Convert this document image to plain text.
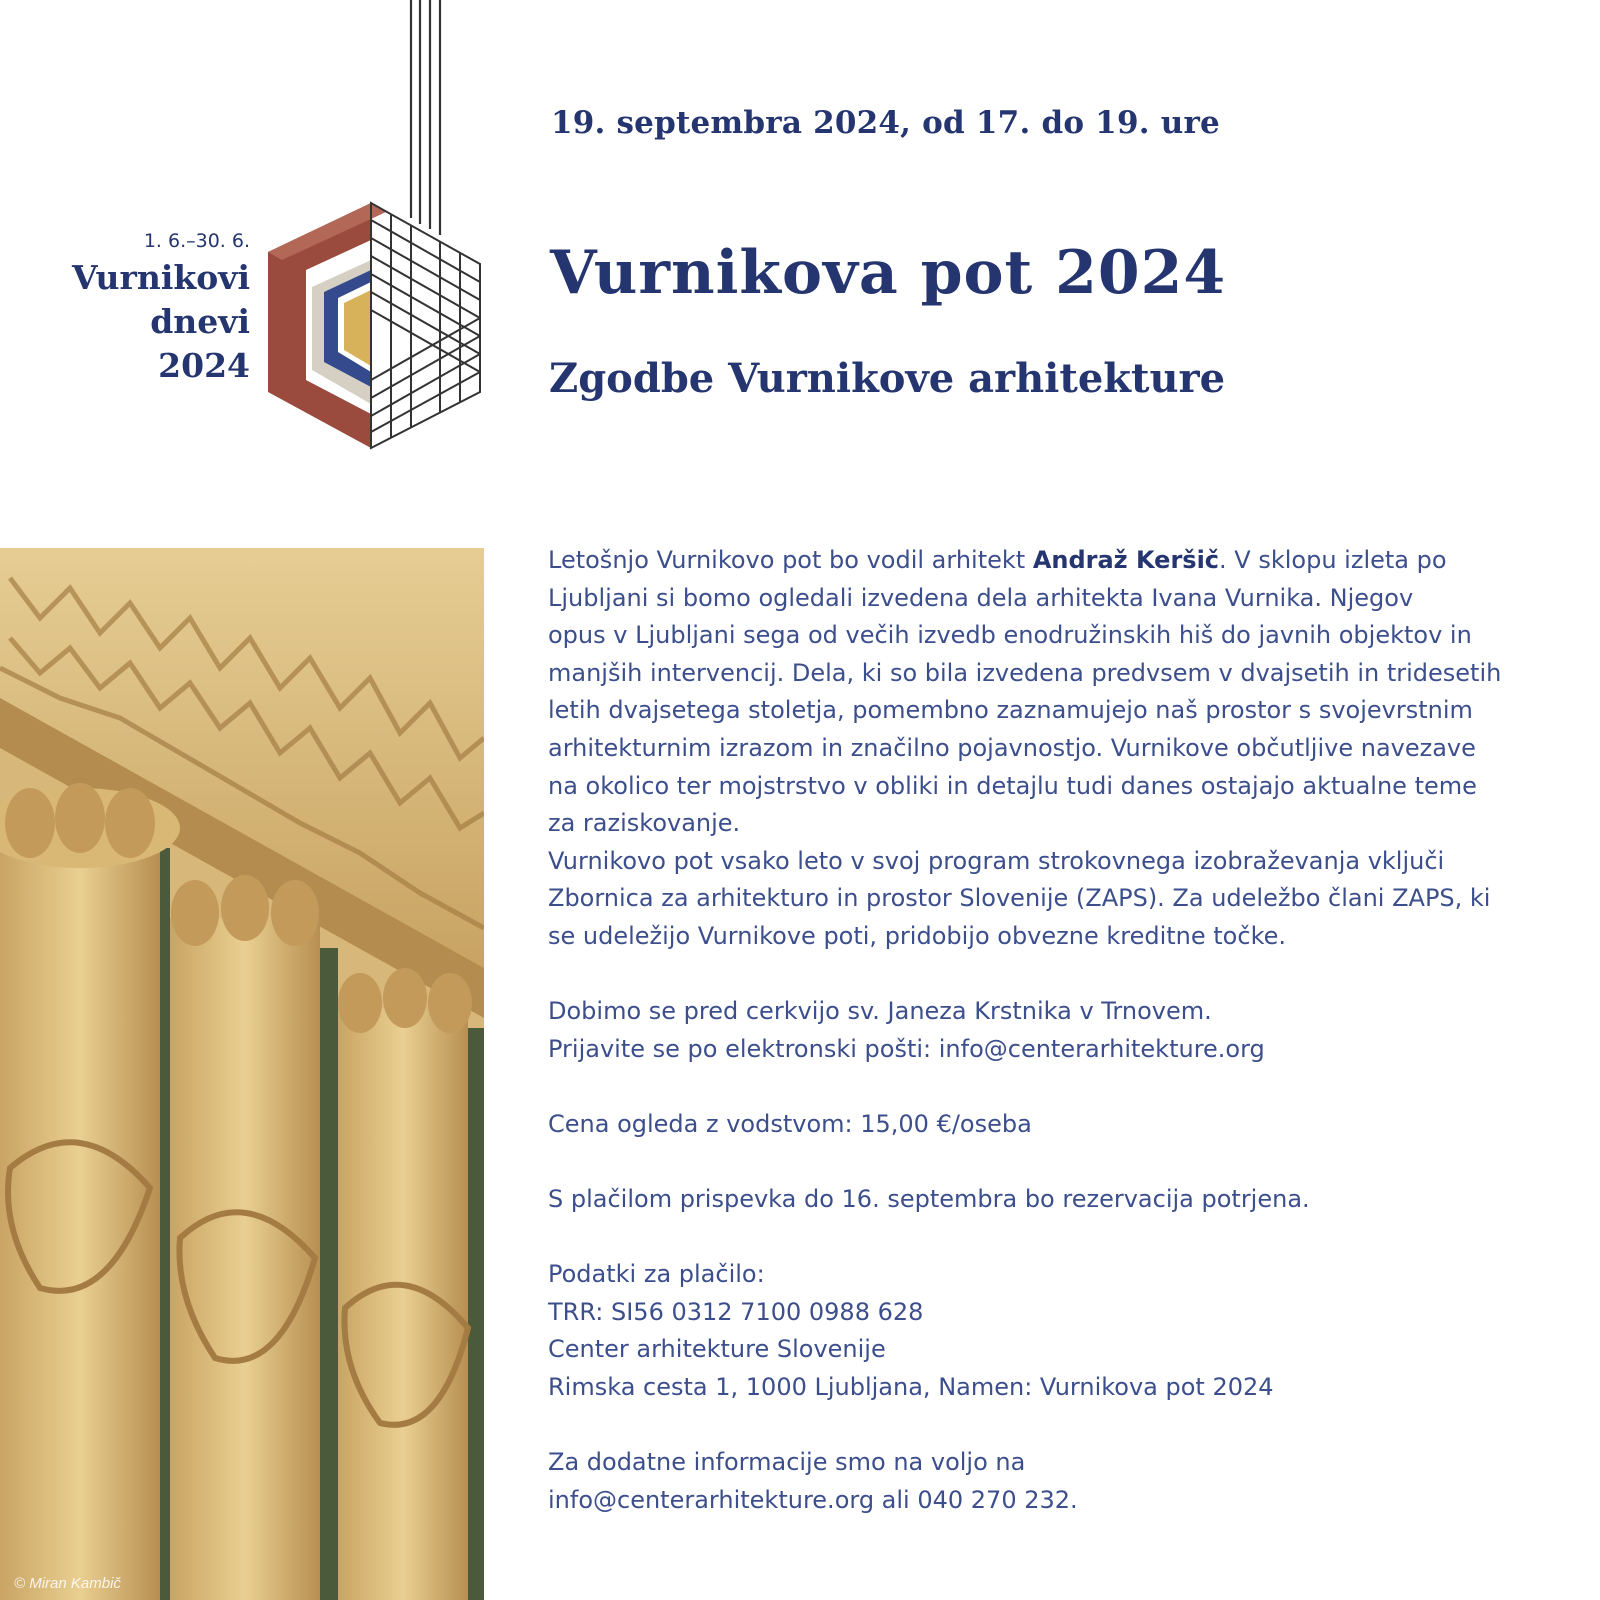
1. 6.–30. 6.
Vurnikovi
dnevi
2024
19. septembra 2024, od 17. do 19. ure
Vurnikova pot 2024
Zgodbe Vurnikove arhitekture
© Miran Kambič

Letošnjo Vurnikovo pot bo vodil arhitekt Andraž Keršič. V sklopu izleta po

Ljubljani si bomo ogledali izvedena dela arhitekta Ivana Vurnika. Njegov

opus v Ljubljani sega od večih izvedb enodružinskih hiš do javnih objektov in

manjših intervencij. Dela, ki so bila izvedena predvsem v dvajsetih in tridesetih

letih dvajsetega stoletja, pomembno zaznamujejo naš prostor s svojevrstnim

arhitekturnim izrazom in značilno pojavnostjo. Vurnikove občutljive navezave

na okolico ter mojstrstvo v obliki in detajlu tudi danes ostajajo aktualne teme

za raziskovanje.

Vurnikovo pot vsako leto v svoj program strokovnega izobraževanja vključi

Zbornica za arhitekturo in prostor Slovenije (ZAPS). Za udeležbo člani ZAPS, ki

se udeležijo Vurnikove poti, pridobijo obvezne kreditne točke.

Dobimo se pred cerkvijo sv. Janeza Krstnika v Trnovem.

Prijavite se po elektronski pošti: info@centerarhitekture.org

Cena ogleda z vodstvom: 15,00 €/oseba

S plačilom prispevka do 16. septembra bo rezervacija potrjena.

Podatki za plačilo:

TRR: SI56 0312 7100 0988 628

Center arhitekture Slovenije

Rimska cesta 1, 1000 Ljubljana, Namen: Vurnikova pot 2024

Za dodatne informacije smo na voljo na

info@centerarhitekture.org ali 040 270 232.
